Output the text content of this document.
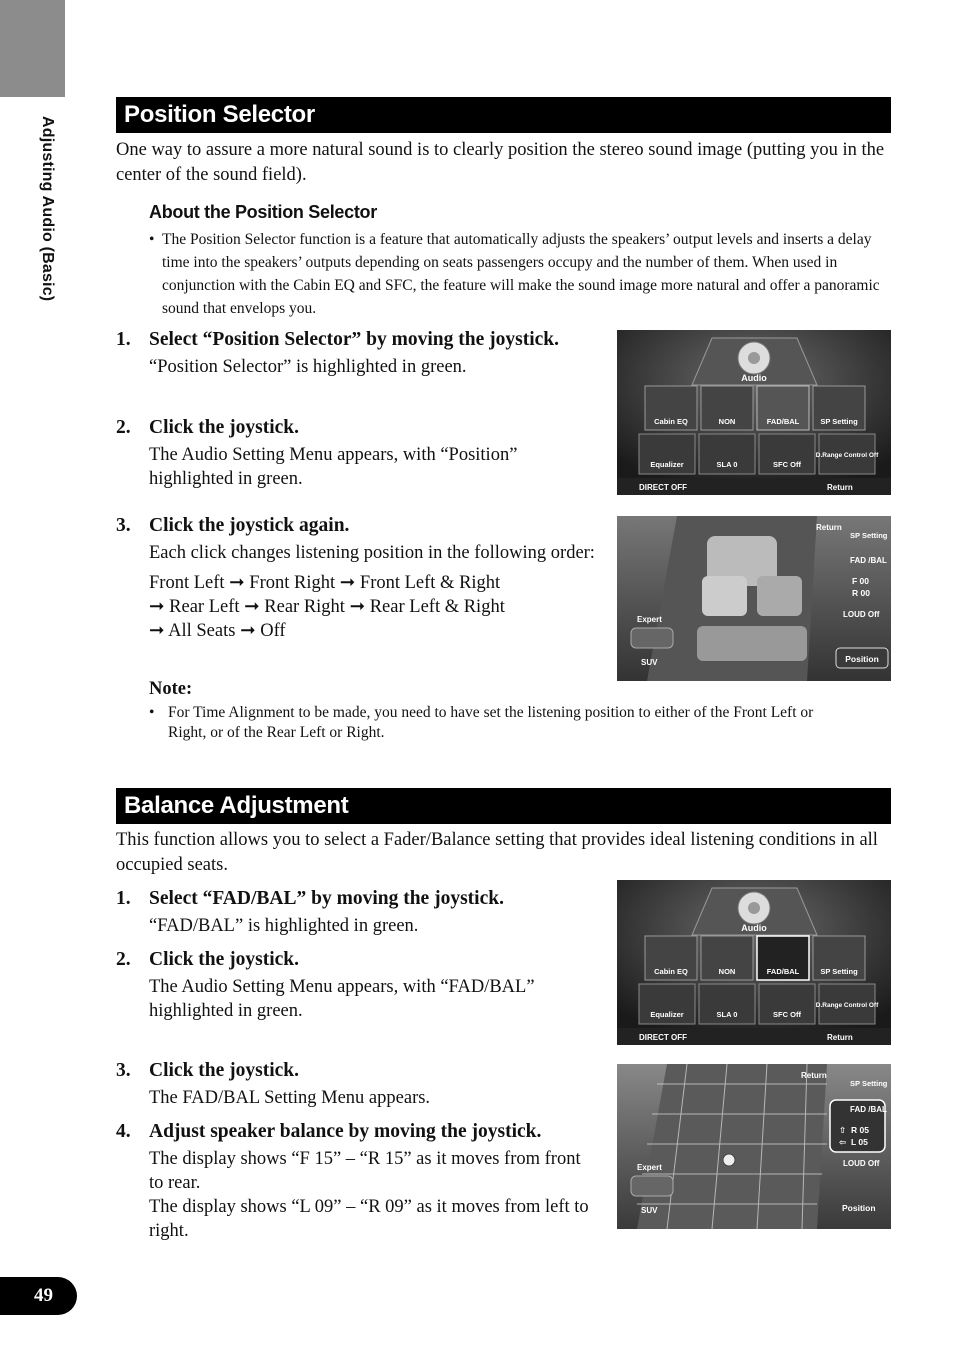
Adjusting Audio (Basic)
49
Position Selector
One way to assure a more natural sound is to clearly position the stereo sound image (putting you in the center of the sound field).
About the Position Selector
• The Position Selector function is a feature that automatically adjusts the speakers’ output levels and inserts a delay time into the speakers’ outputs depending on seats passengers occupy and the number of them. When used in conjunction with the Cabin EQ and SFC, the feature will make the sound image more natural and offer a panoramic sound that envelops you.
1. Select “Position Selector” by moving the joystick.
“Position Selector” is highlighted in green.
2. Click the joystick.
The Audio Setting Menu appears, with “Position” highlighted in green.
3. Click the joystick again.
Each click changes listening position in the following order:
Front Left ➞ Front Right ➞ Front Left & Right
➞ Rear Left ➞ Rear Right ➞ Rear Left & Right
➞ All Seats ➞ Off
Note:
• For Time Alignment to be made, you need to have set the listening position to either of the Front Left or Right, or of the Rear Left or Right.
Balance Adjustment
This function allows you to select a Fader/Balance setting that provides ideal listening conditions in all occupied seats.
1. Select “FAD/BAL” by moving the joystick.
“FAD/BAL” is highlighted in green.
2. Click the joystick.
The Audio Setting Menu appears, with “FAD/BAL” highlighted in green.
3. Click the joystick.
The FAD/BAL Setting Menu appears.
4. Adjust speaker balance by moving the joystick.
The display shows “F 15” – “R 15” as it moves from front to rear.
The display shows “L 09” – “R 09” as it moves from left to right.
Audio
Cabin EQ	NON	FAD/BAL	SP Setting
Equalizer	SLA 0	SFC Off
D.Range Control Off
DIRECT OFF	Return
Return
SP Setting
FAD /BAL
F 00
R 00
LOUD Off
Expert
SUV	Position
Audio
Cabin EQ	NON	FAD/BAL	SP Setting
Equalizer	SLA 0	SFC Off
D.Range Control Off
DIRECT OFF	Return
Return
SP Setting
FAD /BAL
⇧ R 05
⇦ L 05
LOUD Off
Expert
SUV	Position
